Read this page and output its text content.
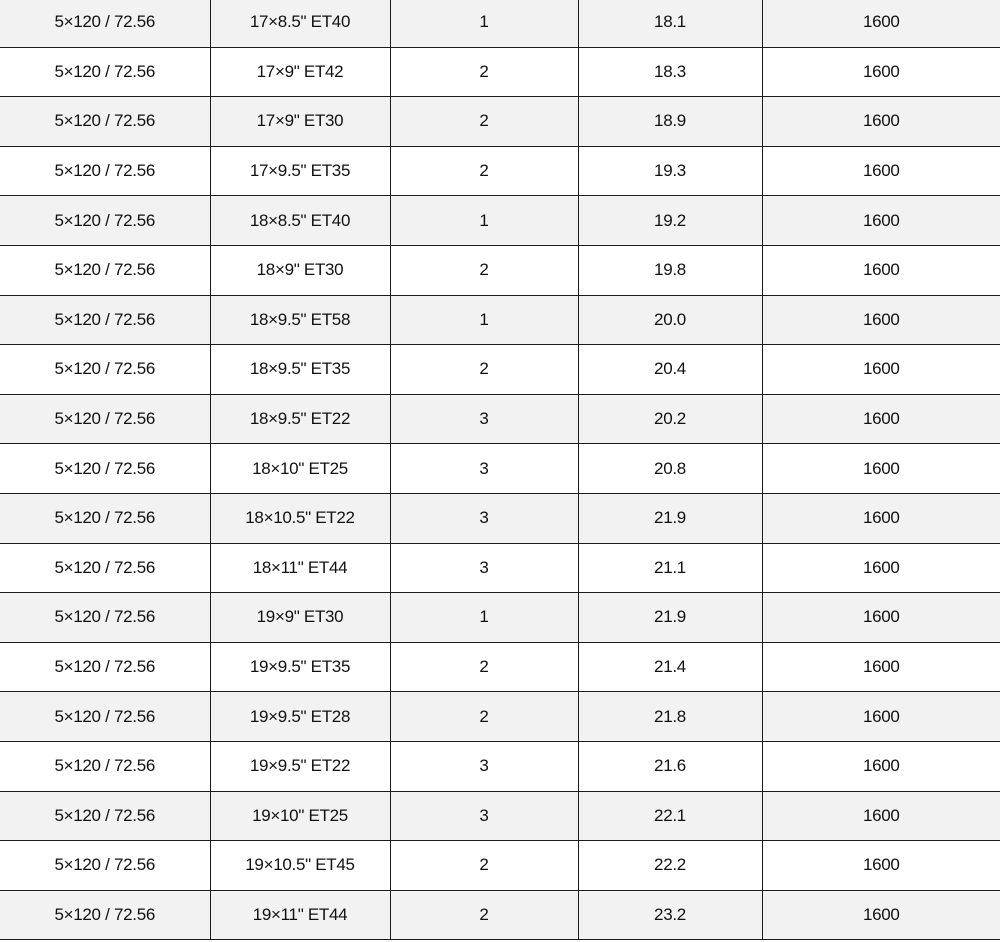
5×120 / 72.56	17×8.5" ET40	1	18.1	1600
5×120 / 72.56	17×9" ET42	2	18.3	1600
5×120 / 72.56	17×9" ET30	2	18.9	1600
5×120 / 72.56	17×9.5" ET35	2	19.3	1600
5×120 / 72.56	18×8.5" ET40	1	19.2	1600
5×120 / 72.56	18×9" ET30	2	19.8	1600
5×120 / 72.56	18×9.5" ET58	1	20.0	1600
5×120 / 72.56	18×9.5" ET35	2	20.4	1600
5×120 / 72.56	18×9.5" ET22	3	20.2	1600
5×120 / 72.56	18×10" ET25	3	20.8	1600
5×120 / 72.56	18×10.5" ET22	3	21.9	1600
5×120 / 72.56	18×11" ET44	3	21.1	1600
5×120 / 72.56	19×9" ET30	1	21.9	1600
5×120 / 72.56	19×9.5" ET35	2	21.4	1600
5×120 / 72.56	19×9.5" ET28	2	21.8	1600
5×120 / 72.56	19×9.5" ET22	3	21.6	1600
5×120 / 72.56	19×10" ET25	3	22.1	1600
5×120 / 72.56	19×10.5" ET45	2	22.2	1600
5×120 / 72.56	19×11" ET44	2	23.2	1600
